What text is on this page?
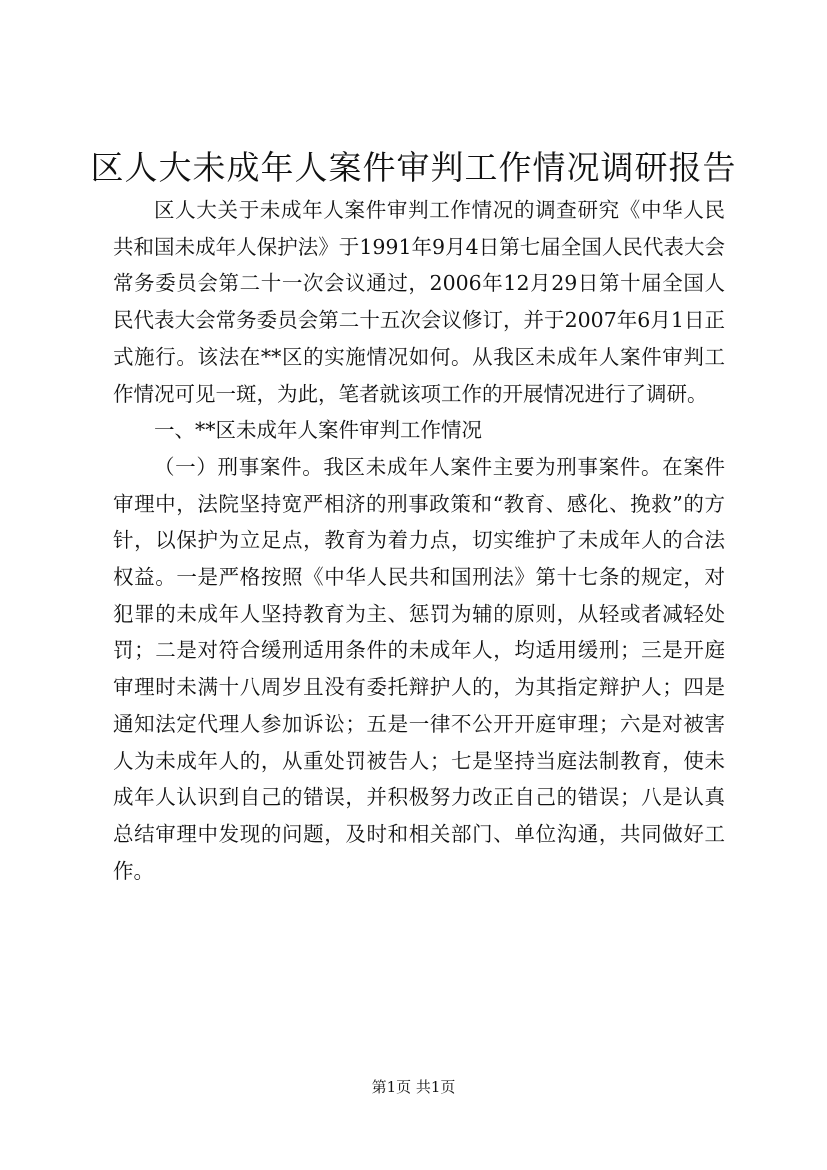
区人大未成年人案件审判工作情况调研报告

区人大关于未成年人案件审判工作情况的调查研究《中华人民共和国未成年人保护法》于1991年9月4日第七届全国人民代表大会常务委员会第二十一次会议通过，2006年12月29日第十届全国人民代表大会常务委员会第二十五次会议修订，并于2007年6月1日正式施行。该法在**区的实施情况如何。从我区未成年人案件审判工作情况可见一斑，为此，笔者就该项工作的开展情况进行了调研。

一、**区未成年人案件审判工作情况

（一）刑事案件。我区未成年人案件主要为刑事案件。在案件审理中，法院坚持宽严相济的刑事政策和“教育、感化、挽救”的方针，以保护为立足点，教育为着力点，切实维护了未成年人的合法权益。一是严格按照《中华人民共和国刑法》第十七条的规定，对犯罪的未成年人坚持教育为主、惩罚为辅的原则，从轻或者减轻处罚；二是对符合缓刑适用条件的未成年人，均适用缓刑；三是开庭审理时未满十八周岁且没有委托辩护人的，为其指定辩护人；四是通知法定代理人参加诉讼；五是一律不公开开庭审理；六是对被害人为未成年人的，从重处罚被告人；七是坚持当庭法制教育，使未成年人认识到自己的错误，并积极努力改正自己的错误；八是认真总结审理中发现的问题，及时和相关部门、单位沟通，共同做好工作。

第1页 共1页
